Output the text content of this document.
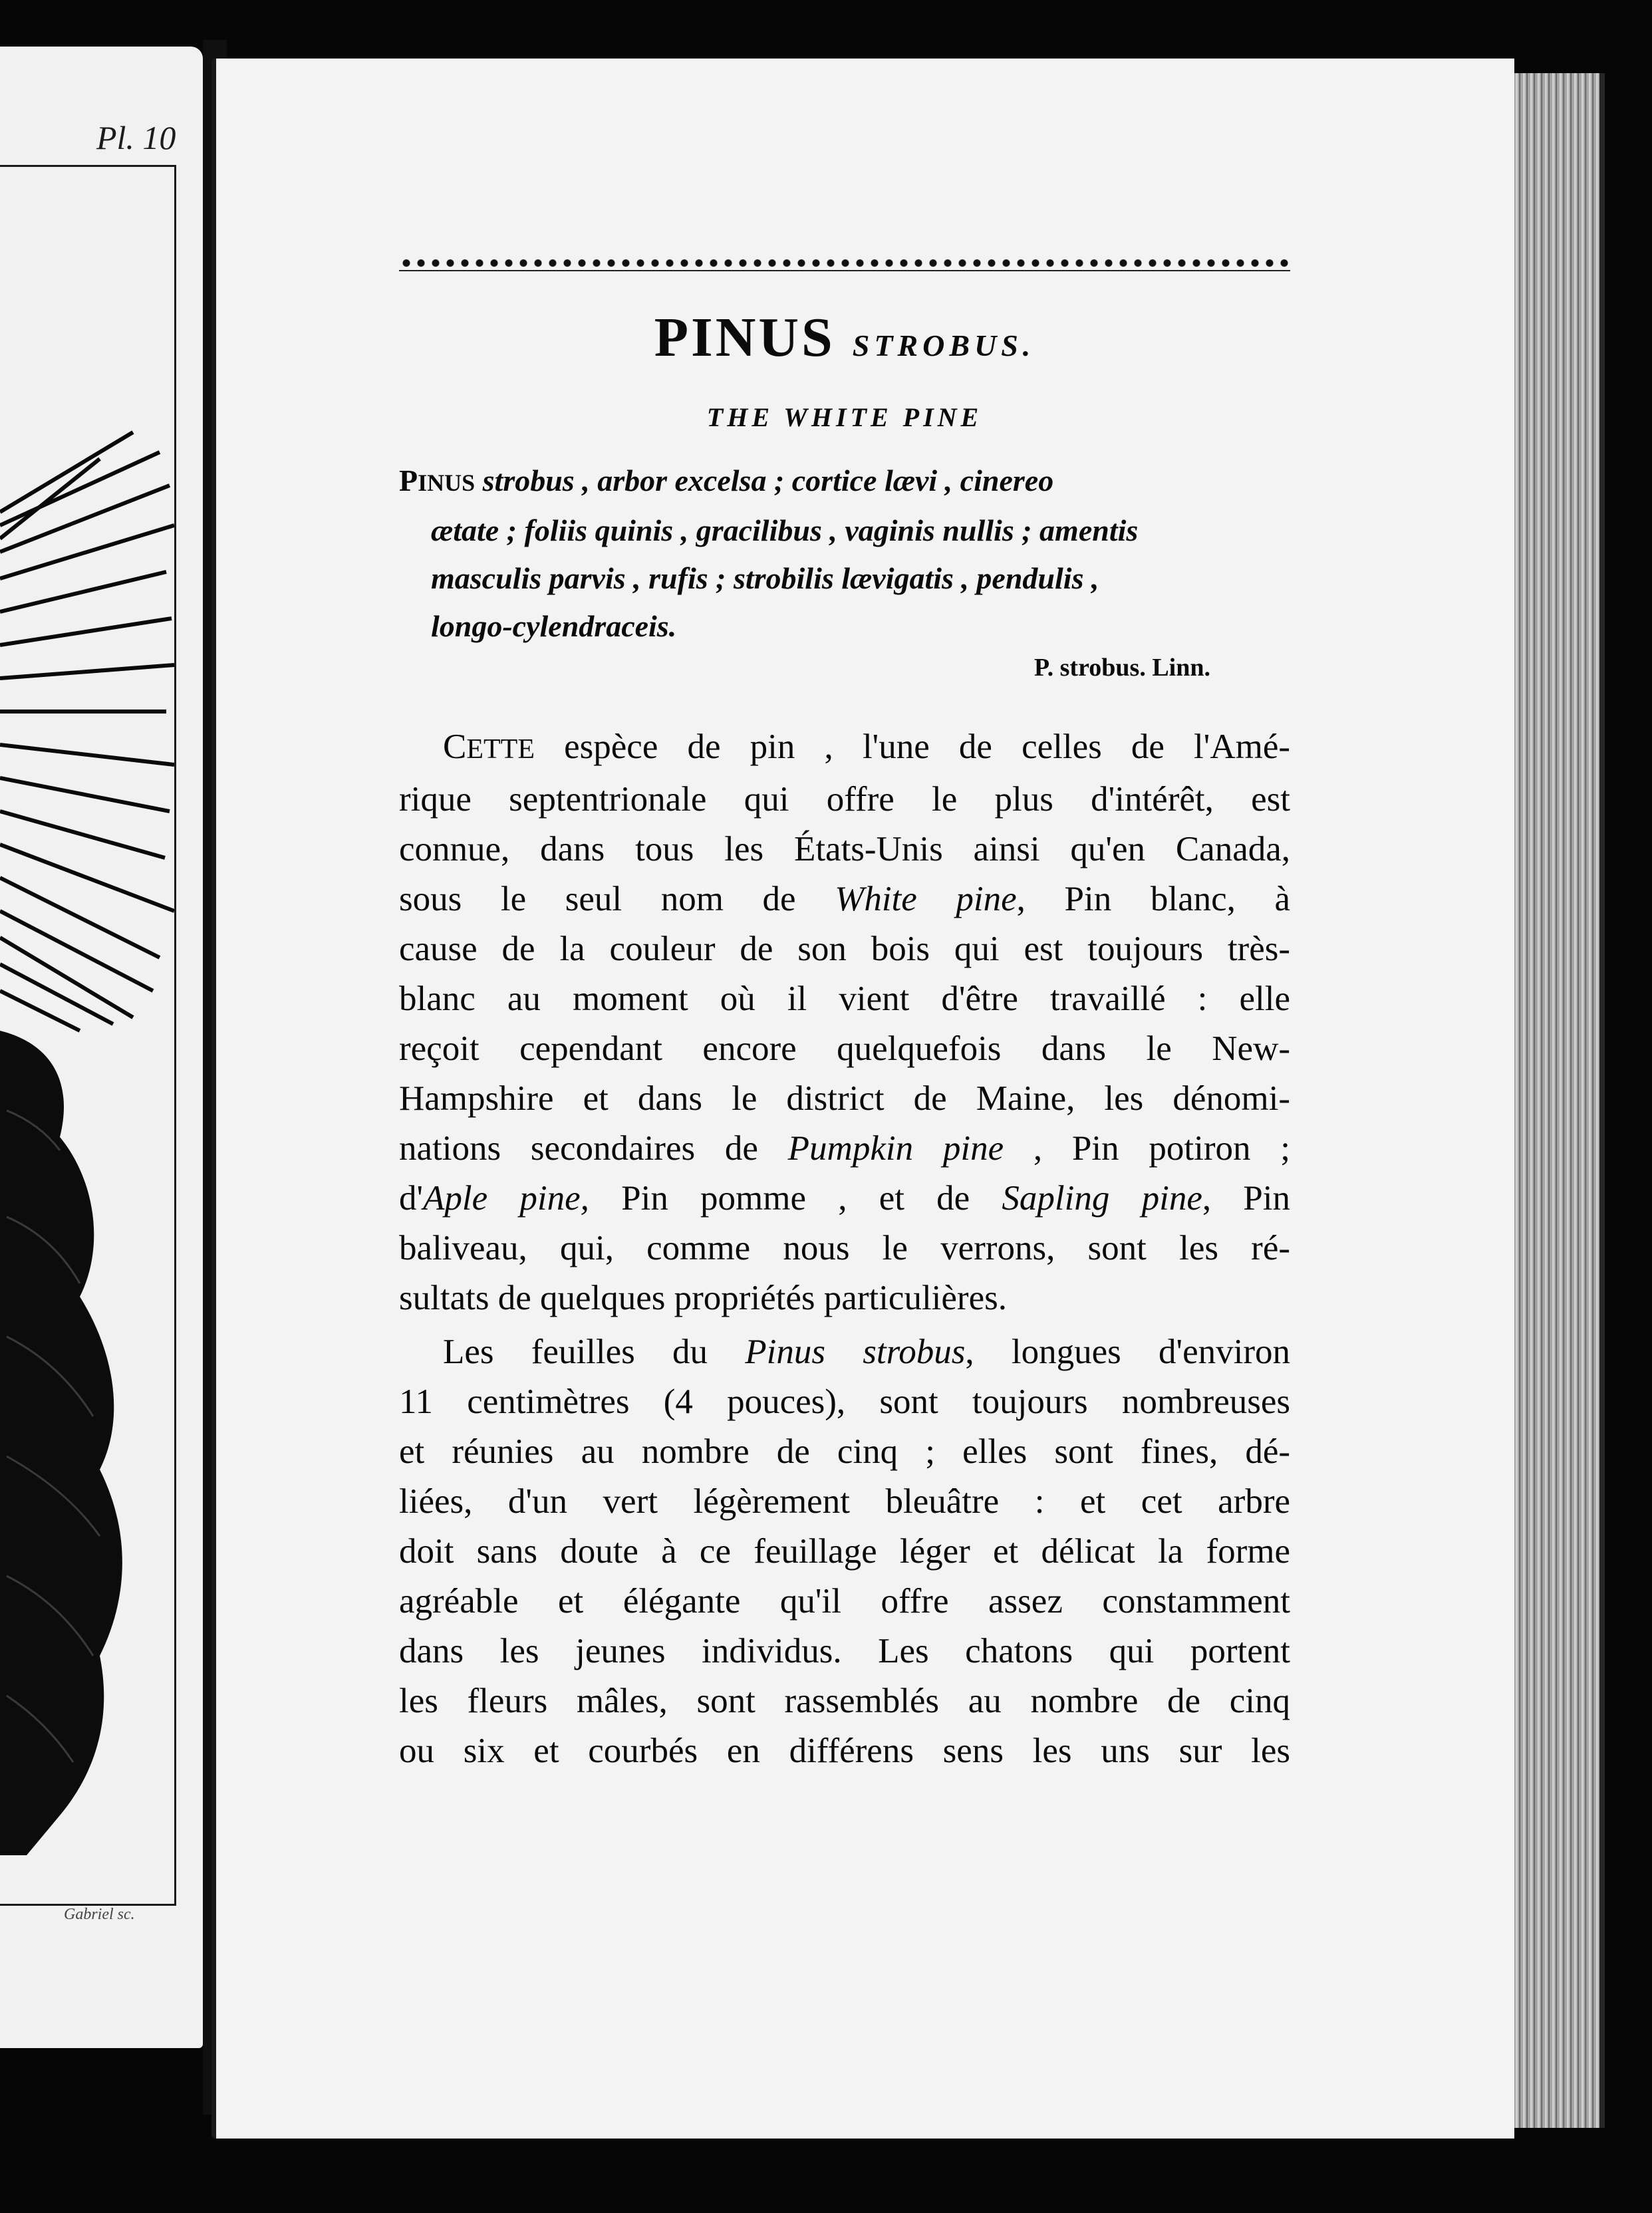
Pl. 10
Gabriel sc.
PINUS STROBUS.
THE WHITE PINE

PINUS strobus , arbor excelsa ; cortice lævi , cinereo
ætate ; foliis quinis , gracilibus , vaginis nullis ; amentis
masculis parvis , rufis ; strobilis lævigatis , pendulis ,
longo-cylendraceis.

P. strobus. Linn.
CETTE espèce de pin , l'une de celles de l'Amé-
rique septentrionale qui offre le plus d'intérêt, est
connue, dans tous les États-Unis ainsi qu'en Canada,
sous le seul nom de White pine, Pin blanc, à
cause de la couleur de son bois qui est toujours très-
blanc au moment où il vient d'être travaillé : elle
reçoit cependant encore quelquefois dans le New-
Hampshire et dans le district de Maine, les dénomi-
nations secondaires de Pumpkin pine , Pin potiron ;
d'Aple pine, Pin pomme , et de Sapling pine, Pin
baliveau, qui, comme nous le verrons, sont les ré-
sultats de quelques propriétés particulières.
Les feuilles du Pinus strobus, longues d'environ
11 centimètres (4 pouces), sont toujours nombreuses
et réunies au nombre de cinq ; elles sont fines, dé-
liées, d'un vert légèrement bleuâtre : et cet arbre
doit sans doute à ce feuillage léger et délicat la forme
agréable et élégante qu'il offre assez constamment
dans les jeunes individus. Les chatons qui portent
les fleurs mâles, sont rassemblés au nombre de cinq
ou six et courbés en différens sens les uns sur les
